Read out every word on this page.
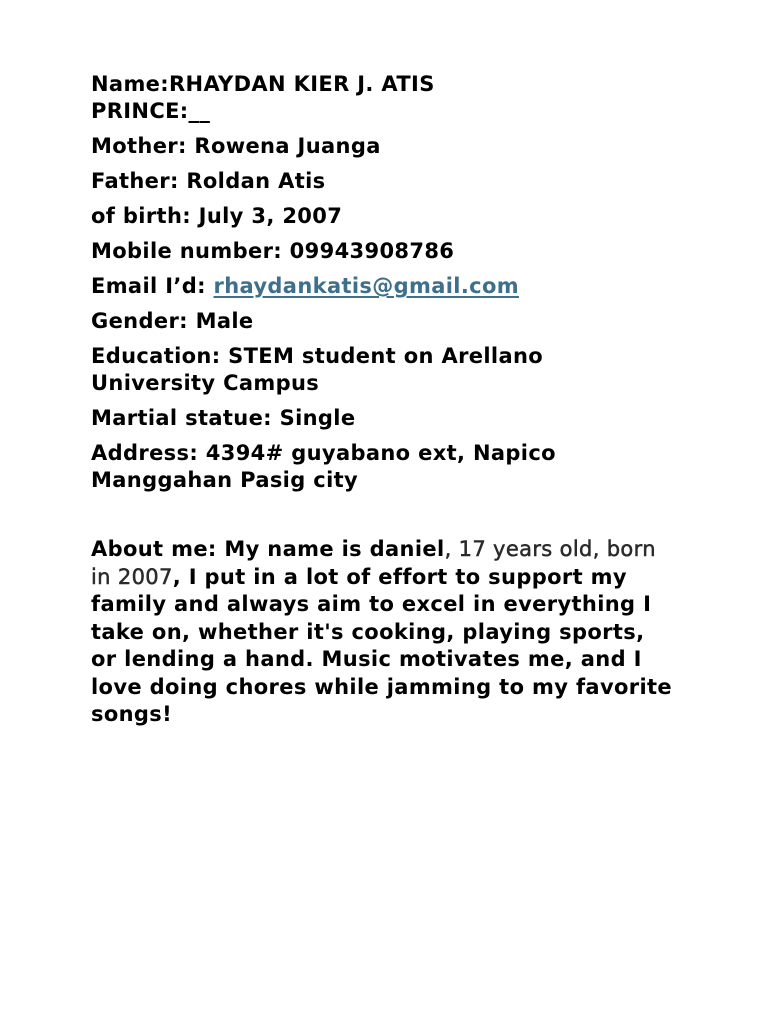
Name:RHAYDAN KIER J. ATIS
PRINCE:__
Mother: Rowena Juanga
Father: Roldan Atis
of birth: July 3, 2007
Mobile number: 09943908786
Email I’d: rhaydankatis@gmail.com
Gender: Male
Education: STEM student on Arellano
University Campus
Martial statue: Single
Address: 4394# guyabano ext, Napico
Manggahan Pasig city
About me: My name is daniel, 17 years old, born in 2007, I put in a lot of effort to support my family and always aim to excel in everything I take on, whether it's cooking, playing sports, or lending a hand. Music motivates me, and I love doing chores while jamming to my favorite songs!
